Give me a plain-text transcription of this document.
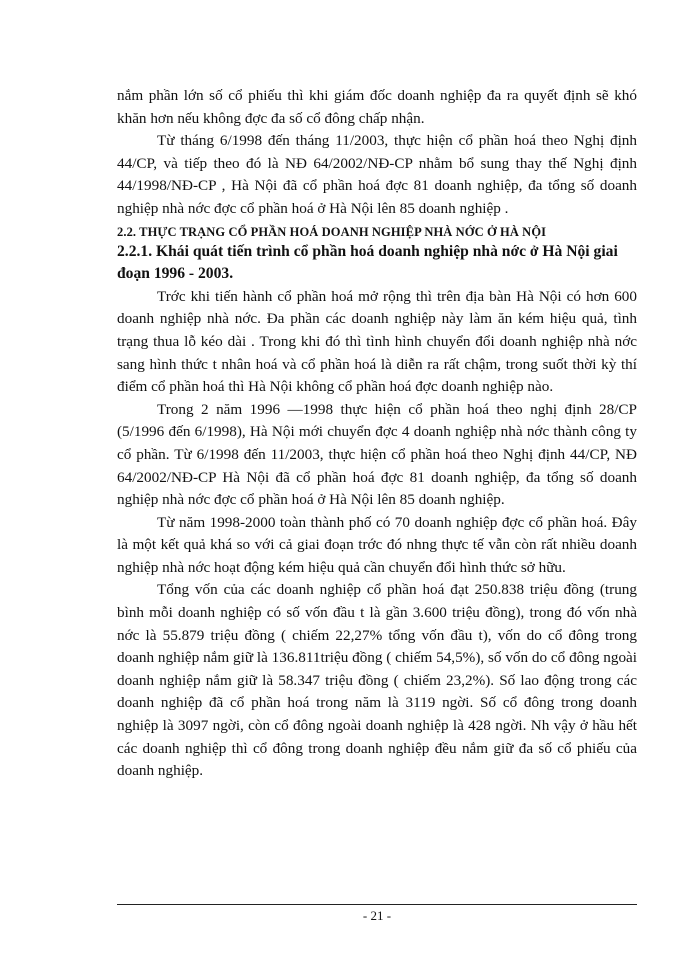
nắm phần lớn số cổ phiếu thì khi giám đốc doanh nghiệp đa ra quyết định sẽ khó khăn hơn nếu không đợc đa số cổ đông chấp nhận.

Từ tháng 6/1998 đến tháng 11/2003, thực hiện cổ phần hoá theo Nghị định 44/CP, và tiếp theo đó là NĐ 64/2002/NĐ-CP nhằm bổ sung thay thế Nghị định 44/1998/NĐ-CP , Hà Nội đã cổ phần hoá đợc 81 doanh nghiệp, đa tổng số doanh nghiệp nhà nớc đợc cổ phần hoá ở Hà Nội lên 85 doanh nghiệp .

2.2. THỰC TRẠNG CỔ PHẦN HOÁ DOANH NGHIỆP NHÀ NỚC Ở HÀ NỘI

2.2.1. Khái quát tiến trình cổ phần hoá doanh nghiệp nhà nớc ở Hà Nội giai đoạn 1996 - 2003.

Trớc khi tiến hành cổ phần hoá mở rộng thì trên địa bàn Hà Nội có hơn 600 doanh nghiệp nhà nớc. Đa phần các doanh nghiệp này làm ăn kém hiệu quả, tình trạng thua lỗ kéo dài . Trong khi đó thì tình hình chuyển đổi doanh nghiệp nhà nớc sang hình thức t nhân hoá và cổ phần hoá là diễn ra rất chậm, trong suốt thời kỳ thí điểm cổ phần hoá thì Hà Nội không cổ phần hoá đợc doanh nghiệp nào.

Trong 2 năm 1996 —1998 thực hiện cổ phần hoá theo nghị định 28/CP (5/1996 đến 6/1998), Hà Nội mới chuyển đợc 4 doanh nghiệp nhà nớc thành công ty cổ phần. Từ 6/1998 đến 11/2003, thực hiện cổ phần hoá theo Nghị định 44/CP, NĐ 64/2002/NĐ-CP Hà Nội đã cổ phần hoá đợc 81 doanh nghiệp, đa tổng số doanh nghiệp nhà nớc đợc cổ phần hoá ở Hà Nội lên 85 doanh nghiệp.

Từ năm 1998-2000 toàn thành phố có 70 doanh nghiệp đợc cổ phần hoá. Đây là một kết quả khá so với cả giai đoạn trớc đó nhng thực tế vẫn còn rất nhiều doanh nghiệp nhà nớc hoạt động kém hiệu quả cần chuyển đổi hình thức sở hữu.

Tổng vốn của các doanh nghiệp cổ phần hoá đạt 250.838 triệu đồng (trung bình mỗi doanh nghiệp có số vốn đầu t là gần 3.600 triệu đồng), trong đó vốn nhà nớc là 55.879 triệu đồng ( chiếm 22,27% tổng vốn đầu t), vốn do cổ đông trong doanh nghiệp nắm giữ là 136.811triệu đồng ( chiếm 54,5%), số vốn do cổ đông ngoài doanh nghiệp nắm giữ là 58.347 triệu đồng ( chiếm 23,2%). Số lao động trong các doanh nghiệp đã cổ phần hoá trong năm là 3119 ngời. Số cổ đông trong doanh nghiệp là 3097 ngời, còn cổ đông ngoài doanh nghiệp là 428 ngời. Nh vậy ở hầu hết các doanh nghiệp thì cổ đông trong doanh nghiệp đều nắm giữ đa số cổ phiếu của doanh nghiệp.

- 21 -
